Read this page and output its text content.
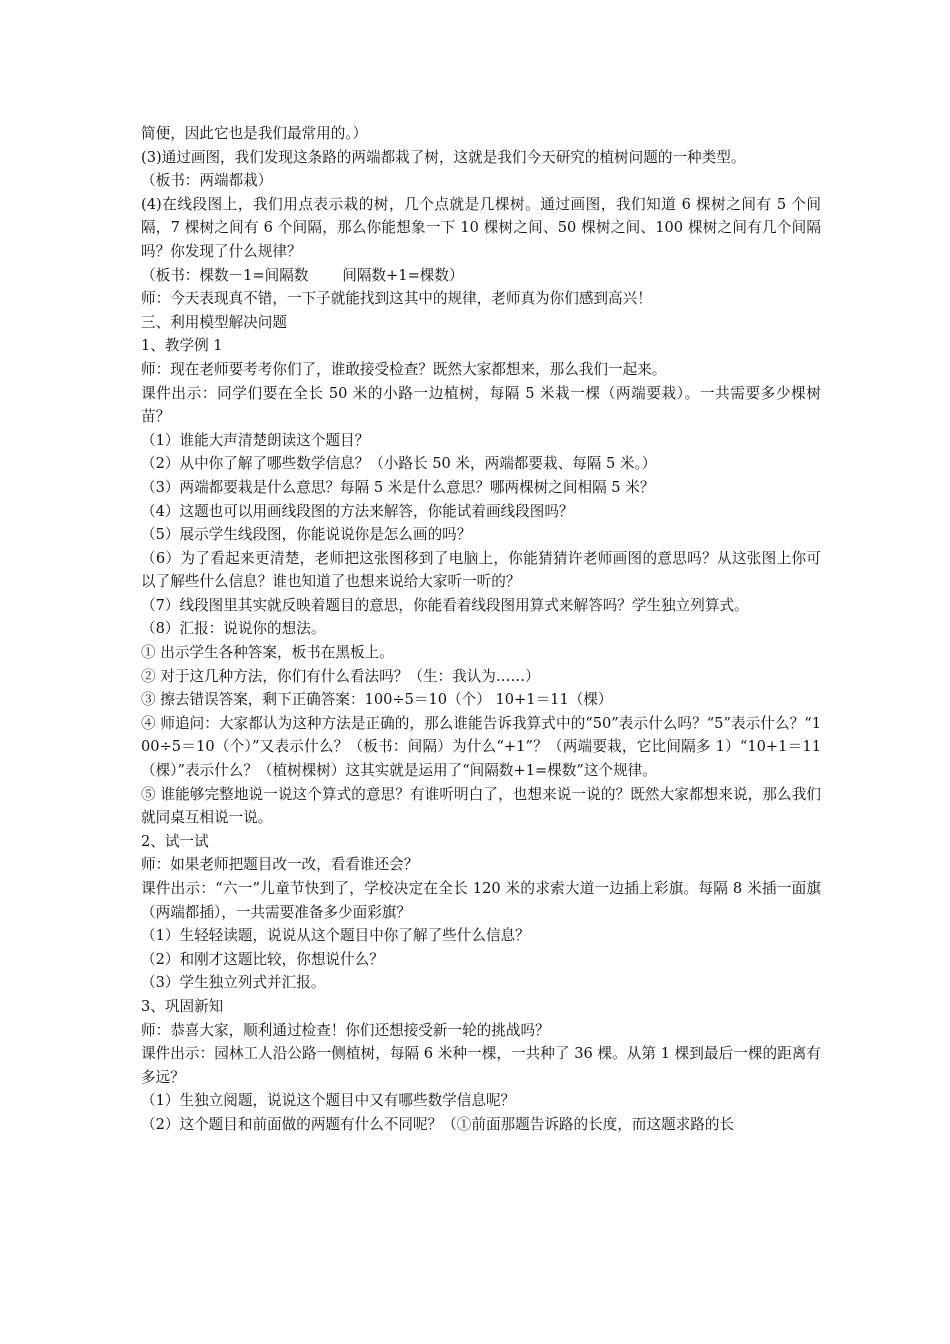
简便，因此它也是我们最常用的。）

(3)通过画图，我们发现这条路的两端都栽了树，这就是我们今天研究的植树问题的一种类型。

（板书：两端都栽）

(4)在线段图上，我们用点表示栽的树，几个点就是几棵树。通过画图，我们知道 6 棵树之间有 5 个间隔，7 棵树之间有 6 个间隔，那么你能想象一下 10 棵树之间、50 棵树之间、100 棵树之间有几个间隔吗？你发现了什么规律？

（板书：棵数－1=间隔数　　 间隔数+1=棵数）

师：今天表现真不错，一下子就能找到这其中的规律，老师真为你们感到高兴！

三、利用模型解决问题

1、教学例 1

师：现在老师要考考你们了，谁敢接受检查？既然大家都想来，那么我们一起来。

课件出示：同学们要在全长 50 米的小路一边植树，每隔 5 米栽一棵（两端要栽）。一共需要多少棵树苗？

（1）谁能大声清楚朗读这个题目？

（2）从中你了解了哪些数学信息？（小路长 50 米，两端都要栽、每隔 5 米。）

（3）两端都要栽是什么意思？每隔 5 米是什么意思？哪两棵树之间相隔 5 米？

（4）这题也可以用画线段图的方法来解答，你能试着画线段图吗？

（5）展示学生线段图，你能说说你是怎么画的吗？

（6）为了看起来更清楚，老师把这张图移到了电脑上，你能猜猜许老师画图的意思吗？从这张图上你可以了解些什么信息？谁也知道了也想来说给大家听一听的？

（7）线段图里其实就反映着题目的意思，你能看着线段图用算式来解答吗？学生独立列算式。

（8）汇报：说说你的想法。

① 出示学生各种答案，板书在黑板上。

② 对于这几种方法，你们有什么看法吗？（生：我认为……）

③ 擦去错误答案，剩下正确答案：100÷5＝10（个） 10+1＝11（棵）

④ 师追问：大家都认为这种方法是正确的，那么谁能告诉我算式中的“50”表示什么吗？“5”表示什么？“100÷5＝10（个）”又表示什么？（板书：间隔）为什么“+1”？（两端要栽，它比间隔多 1）“10+1＝11（棵）”表示什么？（植树棵树）这其实就是运用了“间隔数+1=棵数”这个规律。

⑤ 谁能够完整地说一说这个算式的意思？有谁听明白了，也想来说一说的？既然大家都想来说，那么我们就同桌互相说一说。

2、试一试

师：如果老师把题目改一改，看看谁还会？

课件出示：“六一”儿童节快到了，学校决定在全长 120 米的求索大道一边插上彩旗。每隔 8 米插一面旗（两端都插），一共需要准备多少面彩旗？

（1）生轻轻读题，说说从这个题目中你了解了些什么信息？

（2）和刚才这题比较，你想说什么？

（3）学生独立列式并汇报。

3、巩固新知

师：恭喜大家，顺利通过检查！你们还想接受新一轮的挑战吗？

课件出示：园林工人沿公路一侧植树，每隔 6 米种一棵，一共种了 36 棵。从第 1 棵到最后一棵的距离有多远？

（1）生独立阅题，说说这个题目中又有哪些数学信息呢？

（2）这个题目和前面做的两题有什么不同呢？（①前面那题告诉路的长度，而这题求路的长
